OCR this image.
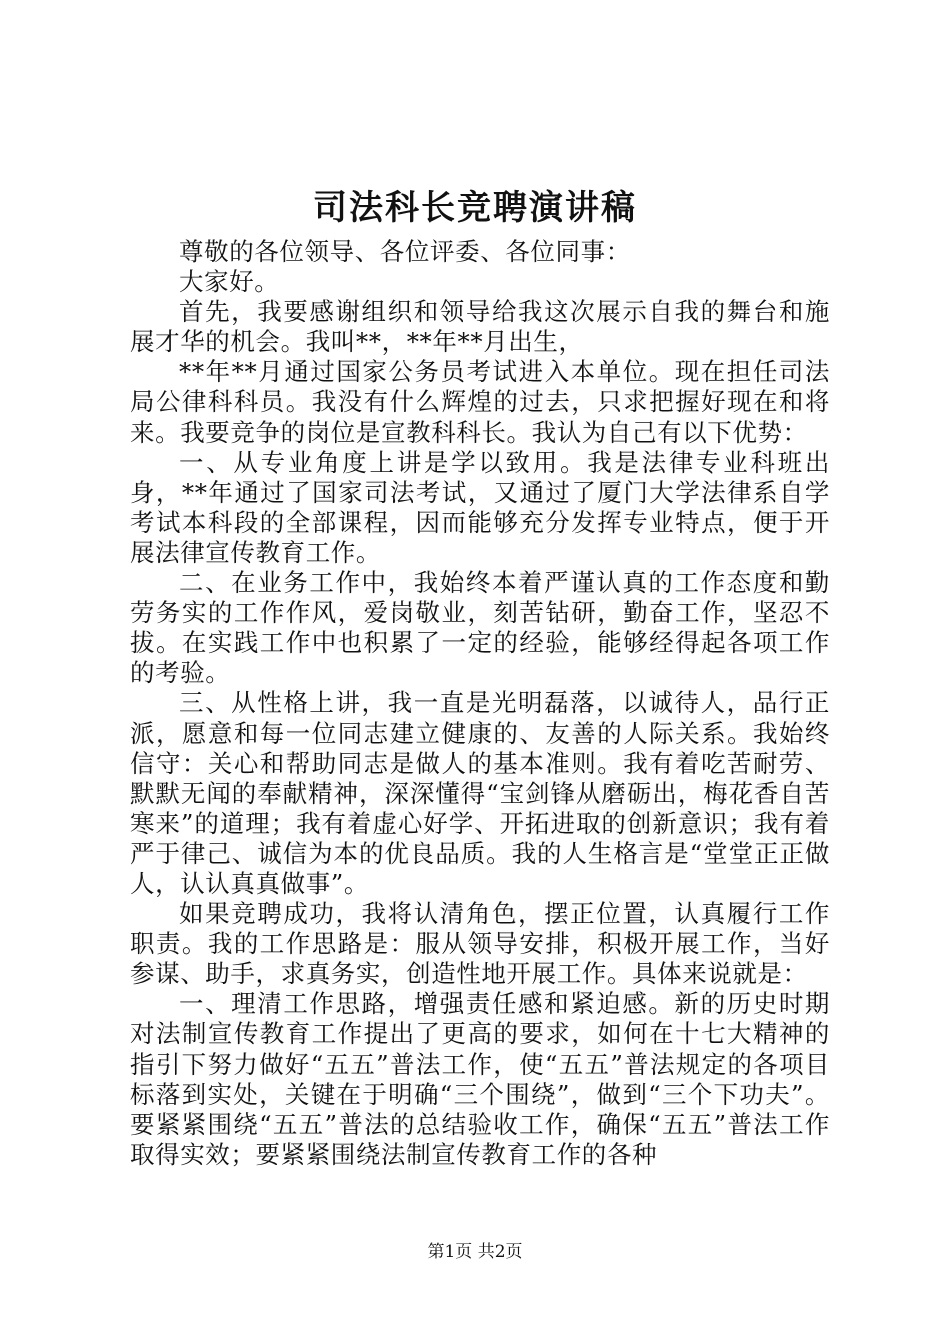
司法科长竞聘演讲稿

尊敬的各位领导、各位评委、各位同事：

大家好。

首先，我要感谢组织和领导给我这次展示自我的舞台和施展才华的机会。我叫**，**年**月出生，

**年**月通过国家公务员考试进入本单位。现在担任司法局公律科科员。我没有什么辉煌的过去，只求把握好现在和将来。我要竞争的岗位是宣教科科长。我认为自己有以下优势：

一、从专业角度上讲是学以致用。我是法律专业科班出身，**年通过了国家司法考试，又通过了厦门大学法律系自学考试本科段的全部课程，因而能够充分发挥专业特点，便于开展法律宣传教育工作。

二、在业务工作中，我始终本着严谨认真的工作态度和勤劳务实的工作作风，爱岗敬业，刻苦钻研，勤奋工作，坚忍不拔。在实践工作中也积累了一定的经验，能够经得起各项工作的考验。

三、从性格上讲，我一直是光明磊落，以诚待人，品行正派，愿意和每一位同志建立健康的、友善的人际关系。我始终信守：关心和帮助同志是做人的基本准则。我有着吃苦耐劳、默默无闻的奉献精神，深深懂得“宝剑锋从磨砺出，梅花香自苦寒来”的道理；我有着虚心好学、开拓进取的创新意识；我有着严于律己、诚信为本的优良品质。我的人生格言是“堂堂正正做人，认认真真做事”。

如果竞聘成功，我将认清角色，摆正位置，认真履行工作职责。我的工作思路是：服从领导安排，积极开展工作，当好参谋、助手，求真务实，创造性地开展工作。具体来说就是：

一、理清工作思路，增强责任感和紧迫感。新的历史时期对法制宣传教育工作提出了更高的要求，如何在十七大精神的指引下努力做好“五五”普法工作，使“五五”普法规定的各项目标落到实处，关键在于明确“三个围绕”，做到“三个下功夫”。要紧紧围绕“五五”普法的总结验收工作，确保“五五”普法工作取得实效；要紧紧围绕法制宣传教育工作的各种

第1页 共2页
